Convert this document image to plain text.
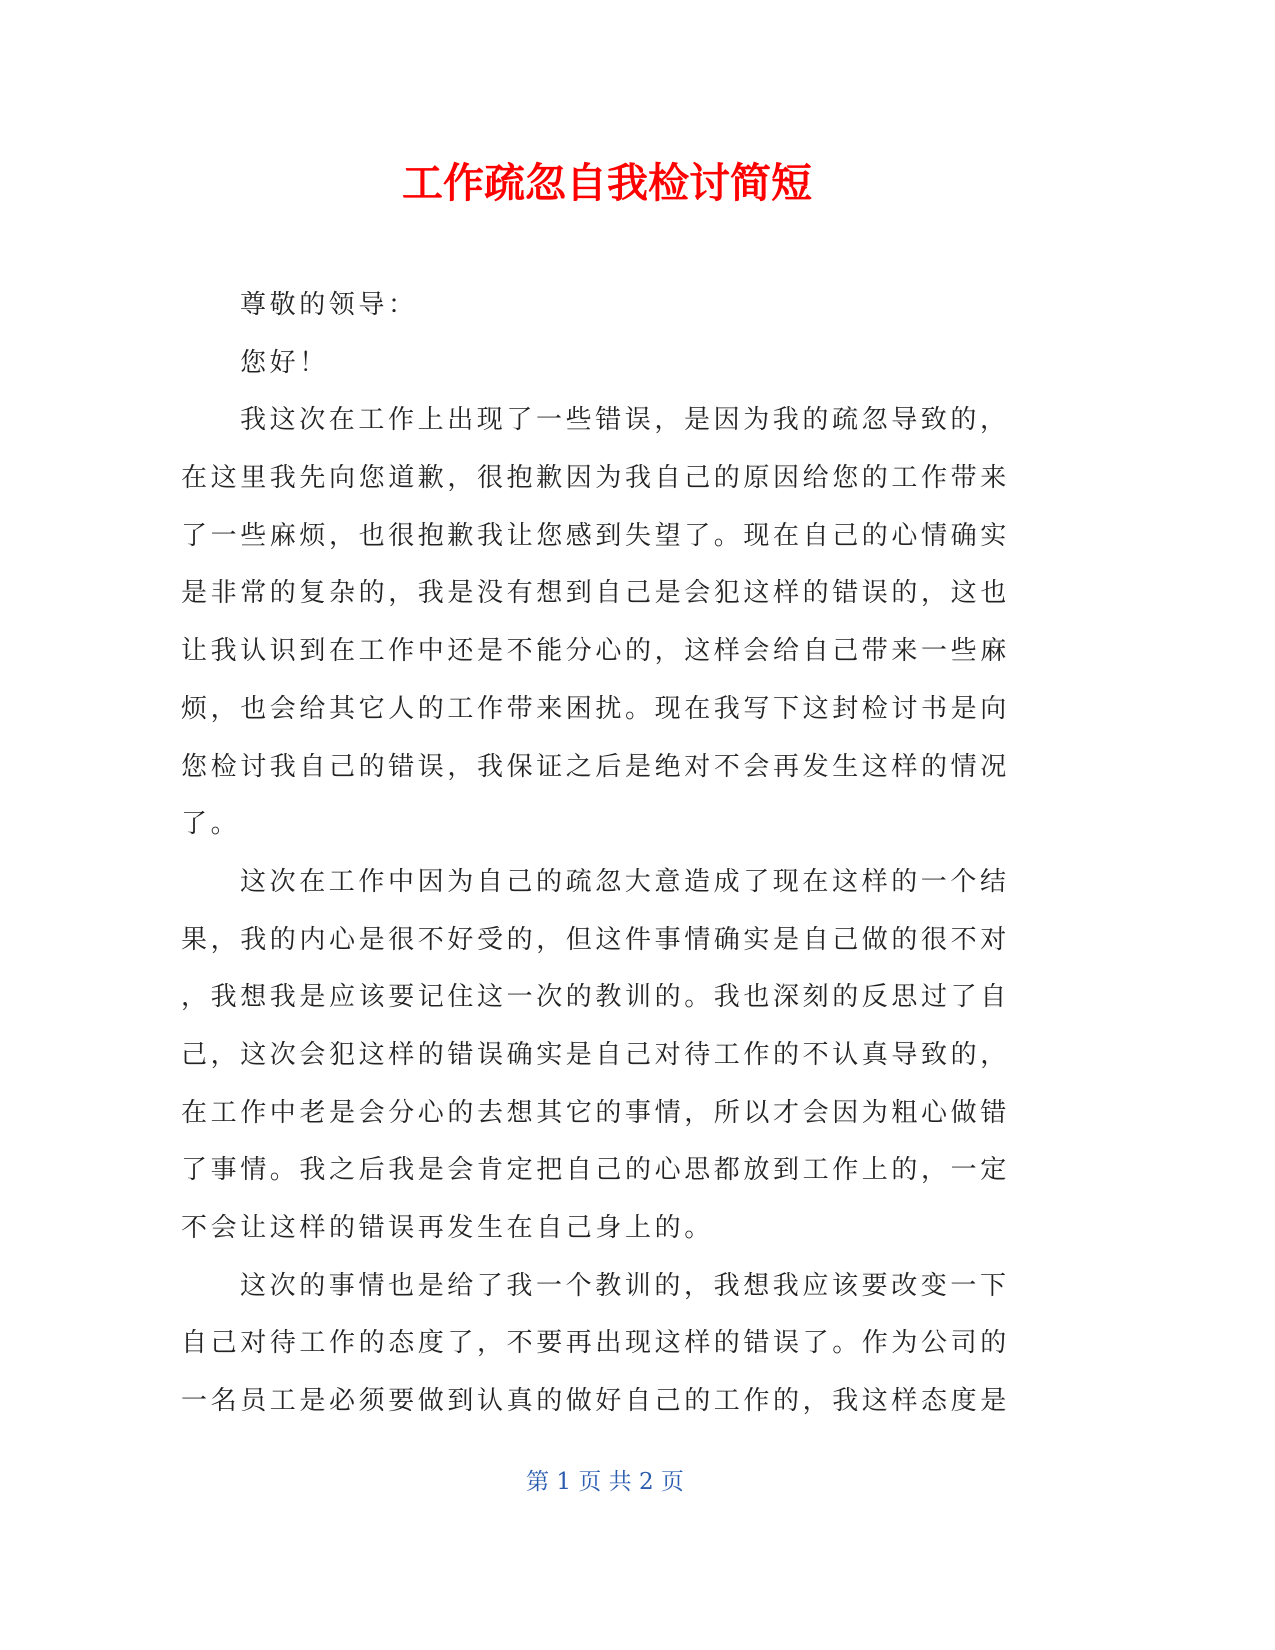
工作疏忽自我检讨简短
尊敬的领导：
您好！
我这次在工作上出现了一些错误，是因为我的疏忽导致的，
在这里我先向您道歉，很抱歉因为我自己的原因给您的工作带来
了一些麻烦，也很抱歉我让您感到失望了。现在自己的心情确实
是非常的复杂的，我是没有想到自己是会犯这样的错误的，这也
让我认识到在工作中还是不能分心的，这样会给自己带来一些麻
烦，也会给其它人的工作带来困扰。现在我写下这封检讨书是向
您检讨我自己的错误，我保证之后是绝对不会再发生这样的情况
了。
这次在工作中因为自己的疏忽大意造成了现在这样的一个结
果，我的内心是很不好受的，但这件事情确实是自己做的很不对
，我想我是应该要记住这一次的教训的。我也深刻的反思过了自
己，这次会犯这样的错误确实是自己对待工作的不认真导致的，
在工作中老是会分心的去想其它的事情，所以才会因为粗心做错
了事情。我之后我是会肯定把自己的心思都放到工作上的，一定
不会让这样的错误再发生在自己身上的。
这次的事情也是给了我一个教训的，我想我应该要改变一下
自己对待工作的态度了，不要再出现这样的错误了。作为公司的
一名员工是必须要做到认真的做好自己的工作的，我这样态度是
第 1 页 共 2 页
